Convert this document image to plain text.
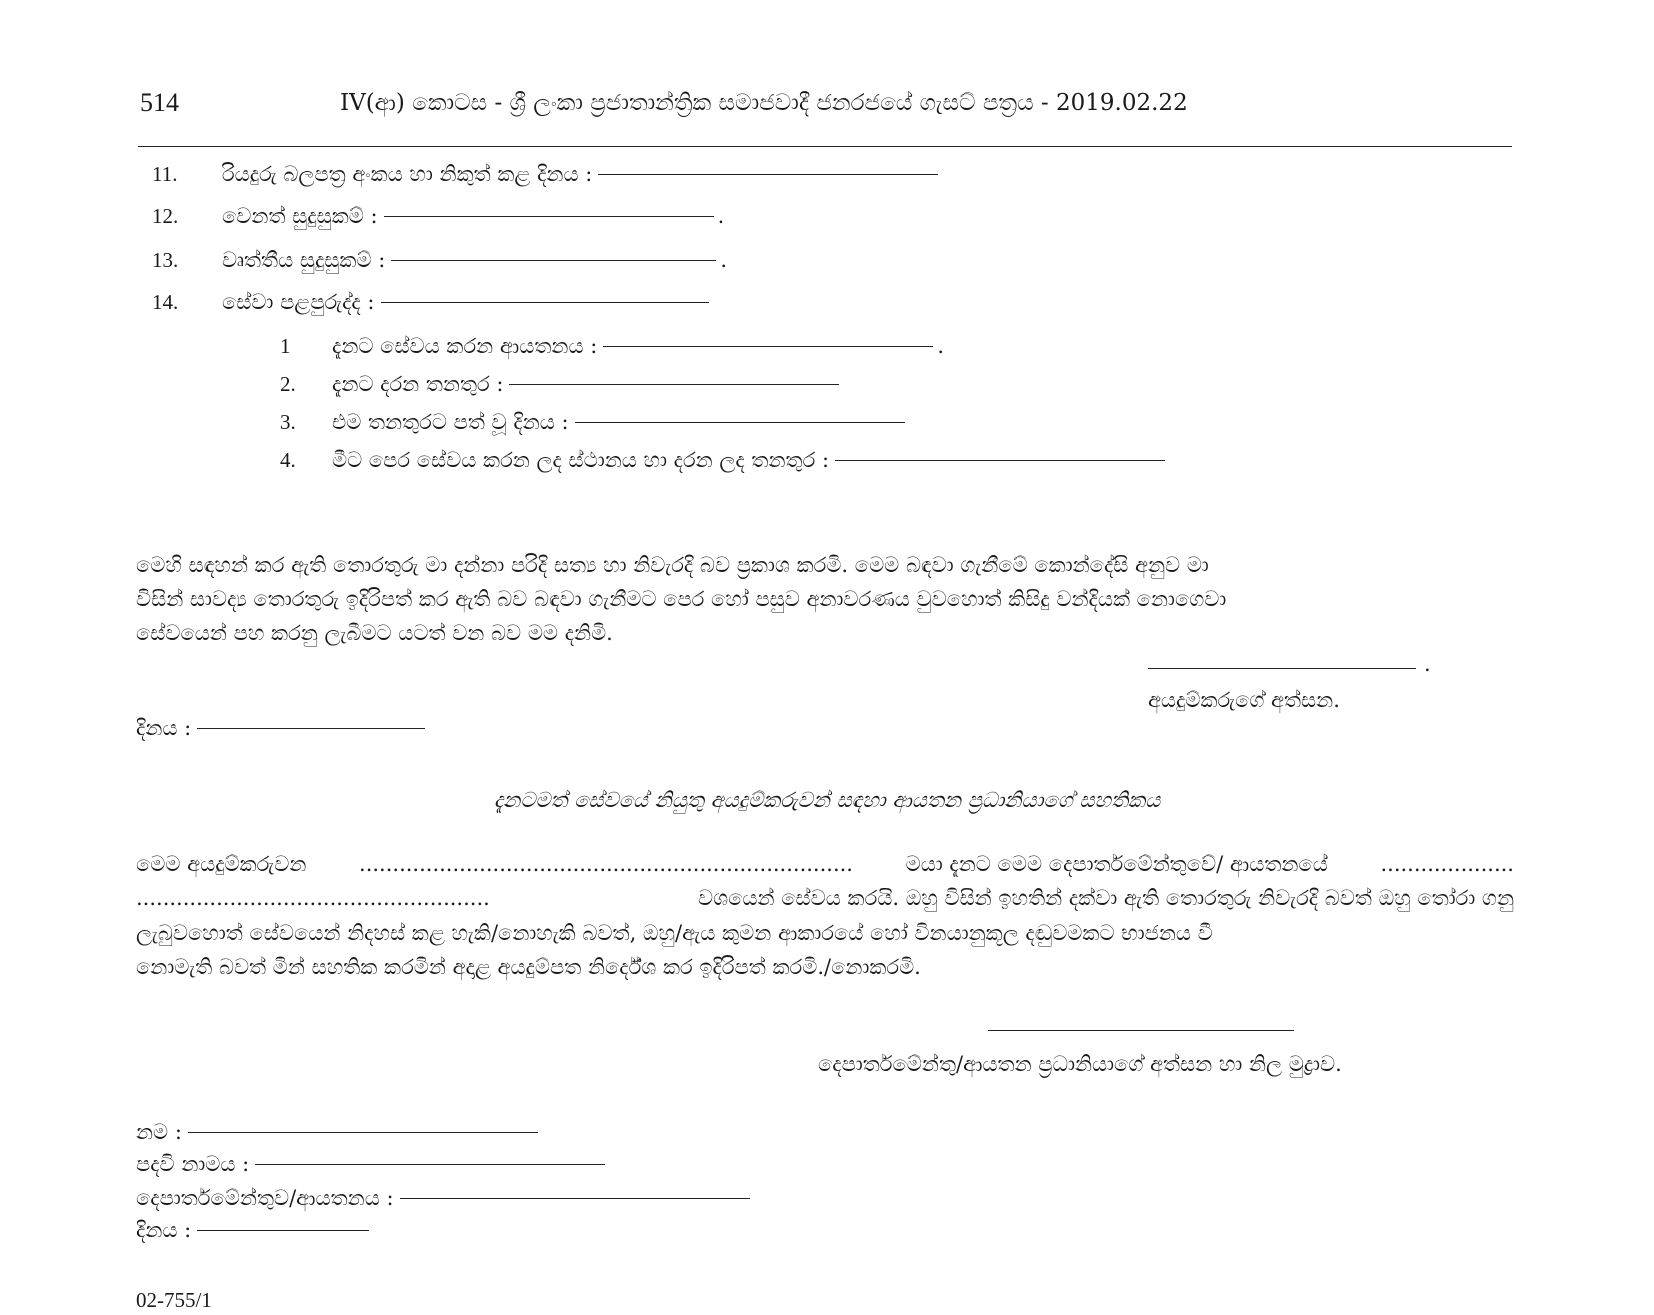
514	IV(ආ) කොටස - ශ්‍රී ලංකා ප්‍රජාතාන්ත්‍රික සමාජවාදී ජනරජයේ ගැසට් පත්‍රය - 2019.02.22
11.	රියදුරු බලපත්‍ර අංකය හා නිකුත් කළ දිනය :
12.	වෙනත් සුදුසුකම් :	.
13.	වෘත්තීය සුදුසුකම් :	.
14.	සේවා පළපුරුද්ද :
1	දැනට සේවය කරන ආයතනය :	.
2.	දැනට දරන තනතුර :
3.	එම තනතුරට පත් වූ දිනය :
4.	මීට පෙර සේවය කරන ලද ස්ථානය හා දරන ලද තනතුර :
මෙහි සඳහන් කර ඇති තොරතුරු මා දන්නා පරිදි සත්‍ය හා නිවැරදි බව ප්‍රකාශ කරමි. මෙම බඳවා ගැනීමේ කොන්දේසි අනුව මා
විසින් සාවද්‍ය තොරතුරු ඉදිරිපත් කර ඇති බව බඳවා ගැනීමට පෙර හෝ පසුව අනාවරණය වුවහොත් කිසිදු වන්දියක් නොගෙවා
සේවයෙන් පහ කරනු ලැබීමට යටත් වන බව මම දනිමි.
.
අයදුම්කරුගේ අත්සන.
දිනය :
දැනටමත් සේවයේ නියුතු අයදුම්කරුවන් සඳහා ආයතන ප්‍රධානියාගේ සහතිකය
මෙම අයදුම්කරුවන	..........................................................................	මයා දැනට මෙම දෙපාර්තමේන්තුවේ/ ආයතනයේ	....................
.....................................................	වශයෙන් සේවය කරයි. ඔහු විසින් ඉහතින් දක්වා ඇති තොරතුරු නිවැරදි බවත් ඔහු තෝරා ගනු
ලැබුවහොත් සේවයෙන් නිදහස් කළ හැකි/නොහැකි බවත්, ඔහු/ඇය කුමන ආකාරයේ හෝ විනයානුකූල දඬුවමකට භාජනය වී
නොමැති බවත් මින් සහතික කරමින් අදාළ අයදුම්පත නිර්දේශ කර ඉදිරිපත් කරමි./නොකරමි.
දෙපාර්තමේන්තු/ආයතන ප්‍රධානියාගේ අත්සන හා නිල මුද්‍රාව.
නම :
පදවි නාමය :
දෙපාර්තමේන්තුව/ආයතනය :
දිනය :
02-755/1
